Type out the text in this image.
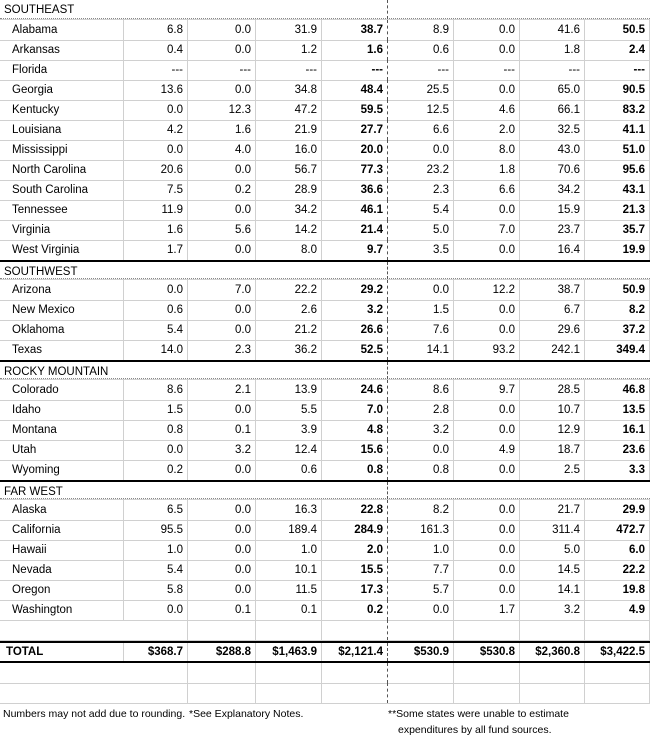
SOUTHEAST
Alabama	6.8	0.0	31.9	38.7	8.9	0.0	41.6	50.5
Arkansas	0.4	0.0	1.2	1.6	0.6	0.0	1.8	2.4
Florida	---	---	---	---	---	---	---	---
Georgia	13.6	0.0	34.8	48.4	25.5	0.0	65.0	90.5
Kentucky	0.0	12.3	47.2	59.5	12.5	4.6	66.1	83.2
Louisiana	4.2	1.6	21.9	27.7	6.6	2.0	32.5	41.1
Mississippi	0.0	4.0	16.0	20.0	0.0	8.0	43.0	51.0
North Carolina	20.6	0.0	56.7	77.3	23.2	1.8	70.6	95.6
South Carolina	7.5	0.2	28.9	36.6	2.3	6.6	34.2	43.1
Tennessee	11.9	0.0	34.2	46.1	5.4	0.0	15.9	21.3
Virginia	1.6	5.6	14.2	21.4	5.0	7.0	23.7	35.7
West Virginia	1.7	0.0	8.0	9.7	3.5	0.0	16.4	19.9
SOUTHWEST
Arizona	0.0	7.0	22.2	29.2	0.0	12.2	38.7	50.9
New Mexico	0.6	0.0	2.6	3.2	1.5	0.0	6.7	8.2
Oklahoma	5.4	0.0	21.2	26.6	7.6	0.0	29.6	37.2
Texas	14.0	2.3	36.2	52.5	14.1	93.2	242.1	349.4
ROCKY MOUNTAIN
Colorado	8.6	2.1	13.9	24.6	8.6	9.7	28.5	46.8
Idaho	1.5	0.0	5.5	7.0	2.8	0.0	10.7	13.5
Montana	0.8	0.1	3.9	4.8	3.2	0.0	12.9	16.1
Utah	0.0	3.2	12.4	15.6	0.0	4.9	18.7	23.6
Wyoming	0.2	0.0	0.6	0.8	0.8	0.0	2.5	3.3
FAR WEST
Alaska	6.5	0.0	16.3	22.8	8.2	0.0	21.7	29.9
California	95.5	0.0	189.4	284.9	161.3	0.0	311.4	472.7
Hawaii	1.0	0.0	1.0	2.0	1.0	0.0	5.0	6.0
Nevada	5.4	0.0	10.1	15.5	7.7	0.0	14.5	22.2
Oregon	5.8	0.0	11.5	17.3	5.7	0.0	14.1	19.8
Washington	0.0	0.1	0.1	0.2	0.0	1.7	3.2	4.9
TOTAL	$368.7	$288.8	$1,463.9	$2,121.4	$530.9	$530.8	$2,360.8	$3,422.5
Numbers may not add due to rounding. *See Explanatory Notes.	**Some states were unable to estimate
expenditures by all fund sources.
